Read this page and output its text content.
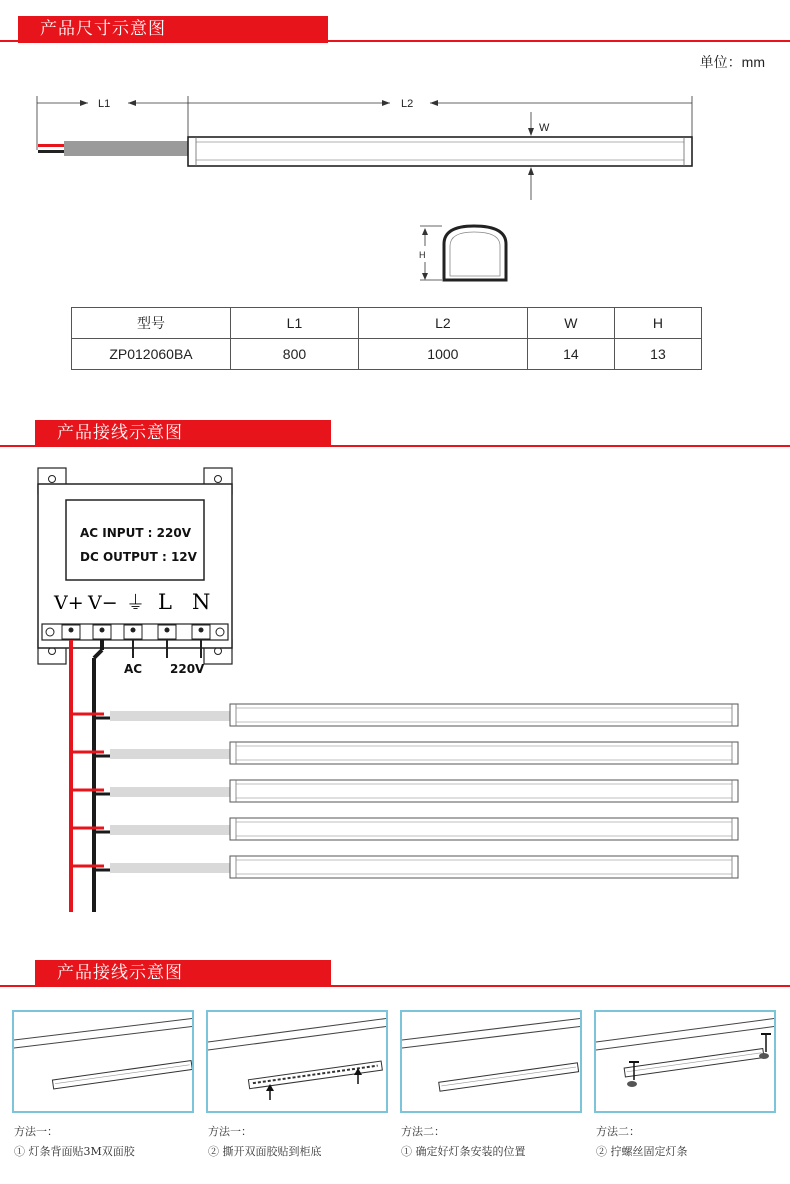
产品尺寸示意图
单位：mm
L1	L2
W
H
型号	L1	L2	W	H
ZP012060BA	800	1000	14	13
产品接线示意图
AC INPUT : 220V
DC OUTPUT : 12V
V+ V− ⏚ L N
AC 220V
产品接线示意图
方法一：
① 灯条背面贴3M双面胶
方法一：
② 撕开双面胶贴到柜底
方法二：
① 确定好灯条安装的位置
方法二：
② 拧螺丝固定灯条
